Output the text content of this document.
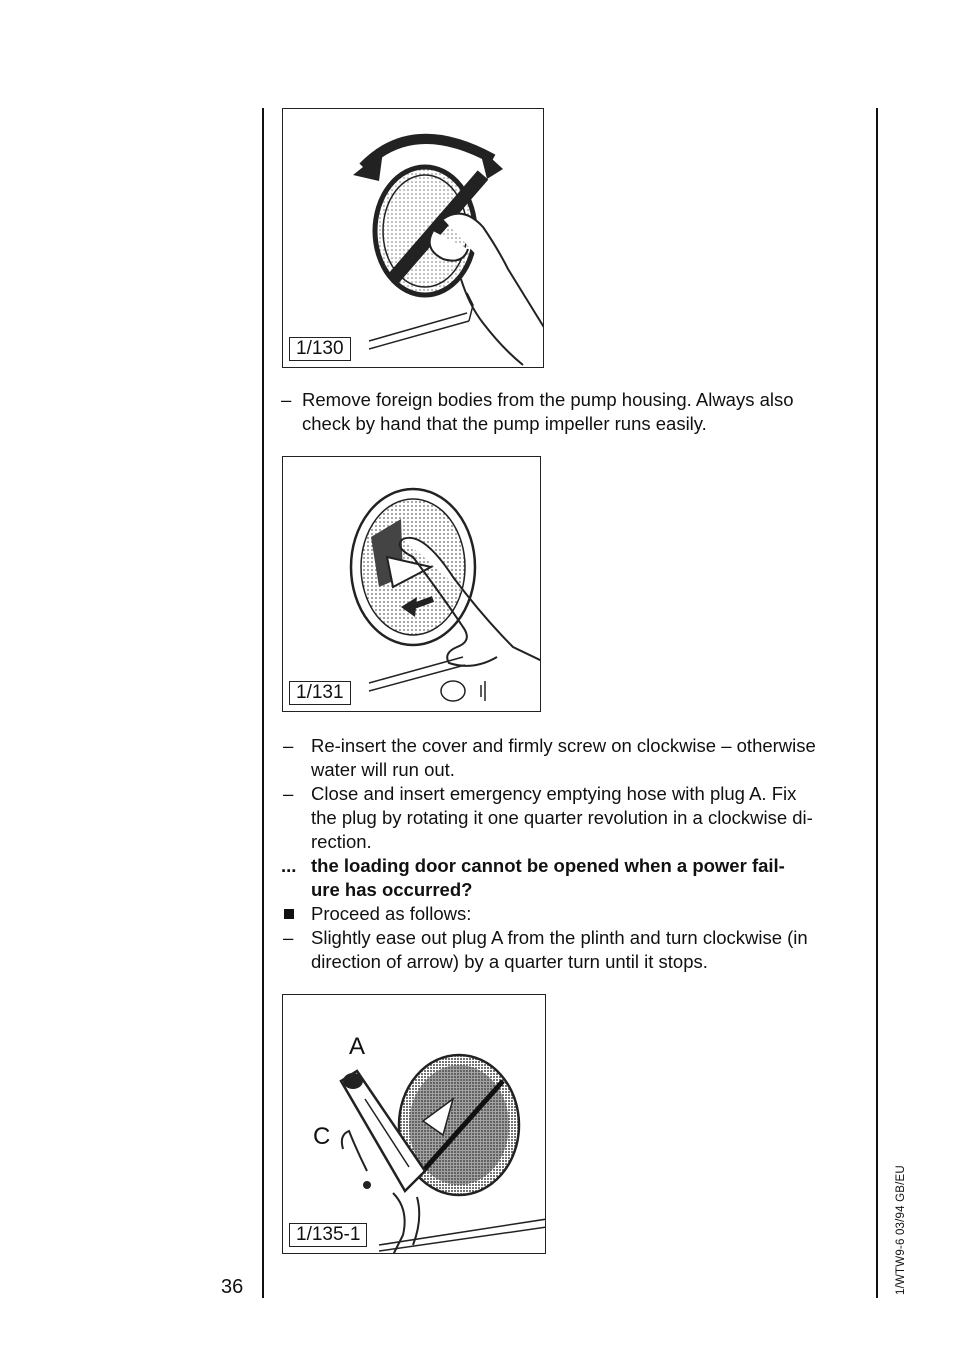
1/130
– Remove foreign bodies from the pump housing. Always also
check by hand that the pump impeller runs easily.
1/131
– Re-insert the cover and firmly screw on clockwise – otherwise
water will run out.
– Close and insert emergency emptying hose with plug A. Fix
the plug by rotating it one quarter revolution in a clockwise di-
rection.
... the loading door cannot be opened when a power fail-
ure has occurred?
Proceed as follows:
– Slightly ease out plug A from the plinth and turn clockwise (in
direction of arrow) by a quarter turn until it stops.
A
C
1/135-1
36	1/WTW9-6 03/94 GB/EU
